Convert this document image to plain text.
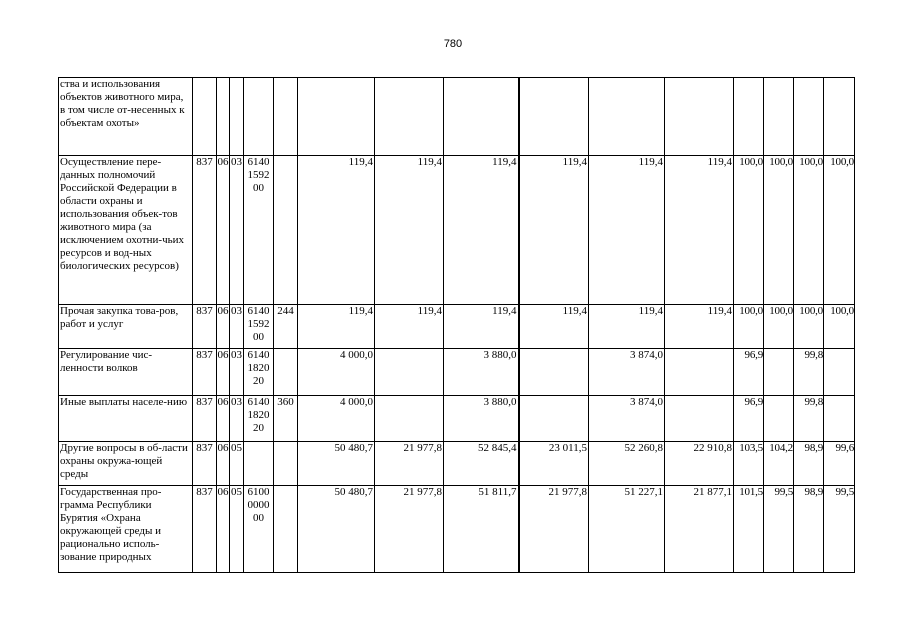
780
ства и использования объектов животного мира, в том числе от-несенных к объектам охоты»															
Осуществление пере-данных полномочий Российской Федерации в области охраны и использования объек-тов животного мира (за исключением охотни-чьих ресурсов и вод-ных биологических ресурсов)	837	06	03	6140
1592
00		119,4	119,4	119,4	119,4	119,4	119,4	100,0	100,0	100,0	100,0
Прочая закупка това-ров, работ и услуг	837	06	03	6140
1592
00	244	119,4	119,4	119,4	119,4	119,4	119,4	100,0	100,0	100,0	100,0
Регулирование чис-ленности волков	837	06	03	6140
1820
20		4 000,0		3 880,0		3 874,0		96,9		99,8	
Иные выплаты населе-нию	837	06	03	6140
1820
20	360	4 000,0		3 880,0		3 874,0		96,9		99,8	
Другие вопросы в об-ласти охраны окружа-ющей среды	837	06	05			50 480,7	21 977,8	52 845,4	23 011,5	52 260,8	22 910,8	103,5	104,2	98,9	99,6
Государственная про-грамма Республики Бурятия «Охрана окружающей среды и рационально исполь-зование природных	837	06	05	6100
0000
00		50 480,7	21 977,8	51 811,7	21 977,8	51 227,1	21 877,1	101,5	99,5	98,9	99,5
